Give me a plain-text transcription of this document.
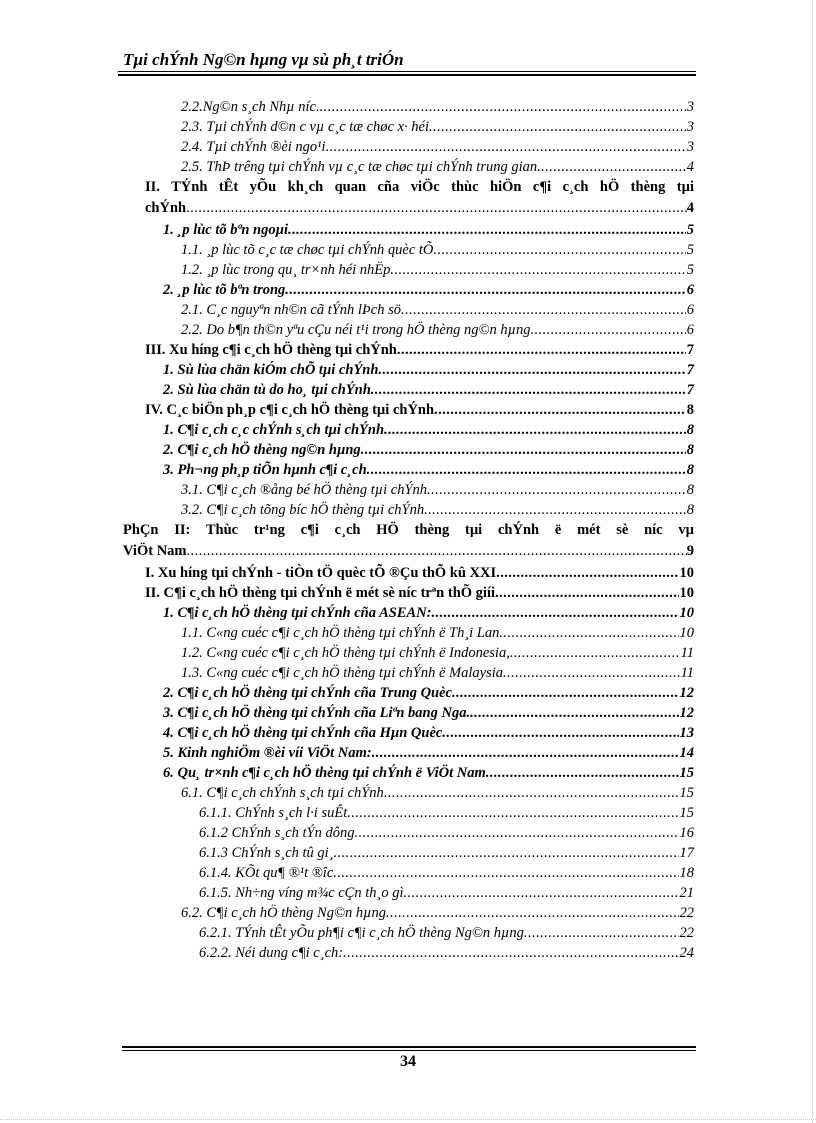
Tµi chÝnh Ng©n hµng vµ sù ph¸t triÓn
2.2.Ng©n s¸ch Nhµ níc. . . .	3
2.3. Tµi chÝnh d©n c vµ c¸c tæ chøc x· héi . . .	3
2.4. Tµi chÝnh ®èi ngo¹i . . .	3
2.5. ThÞ trêng tµi chÝnh vµ c¸c tæ chøc tµi chÝnh trung gian . . .	4
II. TÝnh tÊt yÕu kh¸ch quan cña viÖc thùc hiÖn c¶i c¸ch hÖ thèng tµi
chÝnh . . .	4
1. ¸p lùc tõ bªn ngoµi . . .	5
1.1. ¸p lùc tõ c¸c tæ chøc tµi chÝnh quèc tÕ . . .	5
1.2. ¸p lùc trong qu¸ tr×nh héi nhËp . . .	5
2. ¸p lùc tõ bªn trong . . .	6
2.1. C¸c nguyªn nh©n cã tÝnh lÞch sö . . .	6
2.2. Do b¶n th©n yªu cÇu néi t¹i trong hÖ thèng ng©n hµng . . .	6
III. Xu híng c¶i c¸ch hÖ thèng tµi chÝnh . . .	7
1. Sù lùa chän kiÓm chÕ tµi chÝnh . . .	7
2. Sù lùa chän tù do ho¸ tµi chÝnh . . .	7
IV. C¸c biÖn ph¸p c¶i c¸ch hÖ thèng tµi chÝnh . . .	8
1. C¶i c¸ch c¸c chÝnh s¸ch tµi chÝnh . . .	8
2. C¶i c¸ch hÖ thèng ng©n hµng . . .	8
3. Ph¬ng ph¸p tiÕn hµnh c¶i c¸ch . . .	8
3.1. C¶i c¸ch ®ång bé hÖ thèng tµi chÝnh . . .	8
3.2. C¶i c¸ch tõng bíc hÖ thèng tµi chÝnh . . .	8
PhÇn II: Thùc tr¹ng c¶i c¸ch HÖ thèng tµi chÝnh ë mét sè níc vµ
ViÖt Nam . . .	9
I. Xu híng tµi chÝnh - tiÒn tÖ quèc tÕ ®Çu thÕ kû XXI . . .	10
II. C¶i c¸ch hÖ thèng tµi chÝnh ë mét sè níc trªn thÕ giíi . . .	10
1. C¶i c¸ch hÖ thèng tµi chÝnh cña ASEAN: . . .	10
1.1. C«ng cuéc c¶i c¸ch hÖ thèng tµi chÝnh ë Th¸i Lan . . .	10
1.2. C«ng cuéc c¶i c¸ch hÖ thèng tµi chÝnh ë Indonesia, . . .	11
1.3. C«ng cuéc c¶i c¸ch hÖ thèng tµi chÝnh ë Malaysia . . .	11
2. C¶i c¸ch hÖ thèng tµi chÝnh cña Trung Quèc . . .	12
3. C¶i c¸ch hÖ thèng tµi chÝnh cña Liªn bang Nga. . . .	12
4. C¶i c¸ch hÖ thèng tµi chÝnh cña Hµn Quèc . . .	13
5. Kinh nghiÖm ®èi víi ViÖt Nam: . . .	14
6. Qu¸ tr×nh c¶i c¸ch hÖ thèng tµi chÝnh ë ViÖt Nam . . .	15
6.1. C¶i c¸ch chÝnh s¸ch tµi chÝnh . . .	15
6.1.1. ChÝnh s¸ch l·i suÊt . . .	15
6.1.2 ChÝnh s¸ch tÝn dông . . .	16
6.1.3 ChÝnh s¸ch tû gi¸ . . .	17
6.1.4. KÕt qu¶ ®¹t ®îc . . .	18
6.1.5. Nh÷ng víng m¾c cÇn th¸o gì . . .	21
6.2. C¶i c¸ch hÖ thèng Ng©n hµng . . .	22
6.2.1. TÝnh tÊt yÕu ph¶i c¶i c¸ch hÖ thèng Ng©n hµng . . .	22
6.2.2. Néi dung c¶i c¸ch: . . .	24
34
